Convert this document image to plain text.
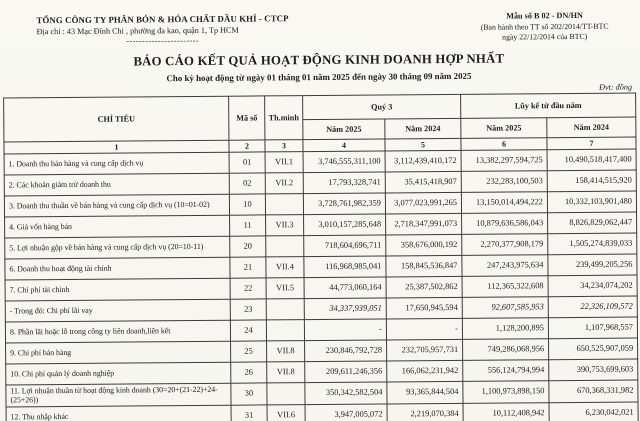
TỔNG CÔNG TY PHÂN BÓN & HÓA CHẤT DẦU KHÍ - CTCP
Địa chỉ : 43 Mạc Đĩnh Chi , phường đa kao, quận 1, Tp HCM
-----------------------
Mẫu số B 02 - DN/HN
(Ban hành theo TT số 202/2014/TT-BTC
ngày 22/12/2014 của BTC)
BÁO CÁO KẾT QUẢ HOẠT ĐỘNG KINH DOANH HỢP NHẤT
Cho kỳ hoạt động từ ngày 01 tháng 01 năm 2025 đến ngày 30 tháng 09 năm 2025
Đvt: đồng
CHỈ TIÊU	Mã số	Th.minh	Quý 3		Lũy kế từ đầu năm	
			Năm 2025	Năm 2024	Năm 2025	Năm 2024
1	2	3	4	5	6	7
1. Doanh thu bán hàng và cung cấp dịch vụ	01	VII.1	3,746,555,311,100	3,112,439,410,172	13,382,297,594,725	10,490,518,417,400
2. Các khoản giảm trừ doanh thu	02	VII.2	17,793,328,741	35,415,418,907	232,283,100,503	158,414,515,920
3. Doanh thu thuần về bán hàng và cung cấp dịch vụ (10=01-02)	10		3,728,761,982,359	3,077,023,991,265	13,150,014,494,222	10,332,103,901,480
4. Giá vốn hàng bán	11	VII.3	3,010,157,285,648	2,718,347,991,073	10,879,636,586,043	8,826,829,062,447
5. Lợi nhuận gộp về bán hàng và cung cấp dịch vụ (20=10-11)	20		718,604,696,711	358,676,000,192	2,270,377,908,179	1,505,274,839,033
6. Doanh thu hoạt động tài chính	21	VII.4	116,968,985,041	158,845,536,847	247,243,975,634	239,499,205,256
7. Chi phí tài chính	22	VII.5	44,773,060,164	25,387,502,862	112,365,322,608	34,234,074,202
- Trong đó: Chi phí lãi vay	23		34,337,939,051	17,650,945,594	92,607,585,953	22,326,109,572
8. Phần lãi hoặc lỗ trong công ty liên doanh,liên kết	24		-	-	1,128,200,895	1,107,968,557
9. Chi phí bán hàng	25	VII.8	230,846,792,728	232,705,957,731	749,286,068,956	650,525,907,059
10. Chi phí quản lý doanh nghiệp	26	VII.8	209,611,246,356	166,062,231,942	556,124,794,994	390,753,699,603
11. Lợi nhuận thuần từ hoạt động kinh doanh (30=20+(21-22)+24-(25+26))	30		350,342,582,504	93,365,844,504	1,100,973,898,150	670,368,331,982
12. Thu nhập khác	31	VII.6	3,947,005,072	2,219,070,384	10,112,408,942	6,230,042,021
